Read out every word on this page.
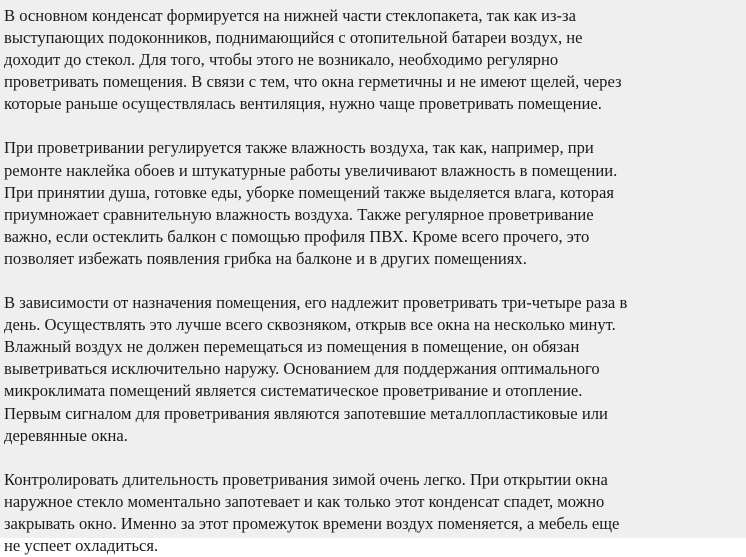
В основном конденсат формируется на нижней части стеклопакета, так как из-за
выступающих подоконников, поднимающийся с отопительной батареи воздух, не
доходит до стекол. Для того, чтобы этого не возникало, необходимо регулярно
проветривать помещения. В связи с тем, что окна герметичны и не имеют щелей, через
которые раньше осуществлялась вентиляция, нужно чаще проветривать помещение.

При проветривании регулируется также влажность воздуха, так как, например, при
ремонте наклейка обоев и штукатурные работы увеличивают влажность в помещении.
При принятии душа, готовке еды, уборке помещений также выделяется влага, которая
приумножает сравнительную влажность воздуха. Также регулярное проветривание
важно, если остеклить балкон с помощью профиля ПВХ. Кроме всего прочего, это
позволяет избежать появления грибка на балконе и в других помещениях.

В зависимости от назначения помещения, его надлежит проветривать три-четыре раза в
день. Осуществлять это лучше всего сквозняком, открыв все окна на несколько минут.
Влажный воздух не должен перемещаться из помещения в помещение, он обязан
выветриваться исключительно наружу. Основанием для поддержания оптимального
микроклимата помещений является систематическое проветривание и отопление.
Первым сигналом для проветривания являются запотевшие металлопластиковые или
деревянные окна.

Контролировать длительность проветривания зимой очень легко. При открытии окна
наружное стекло моментально запотевает и как только этот конденсат спадет, можно
закрывать окно. Именно за этот промежуток времени воздух поменяется, а мебель еще
не успеет охладиться.
